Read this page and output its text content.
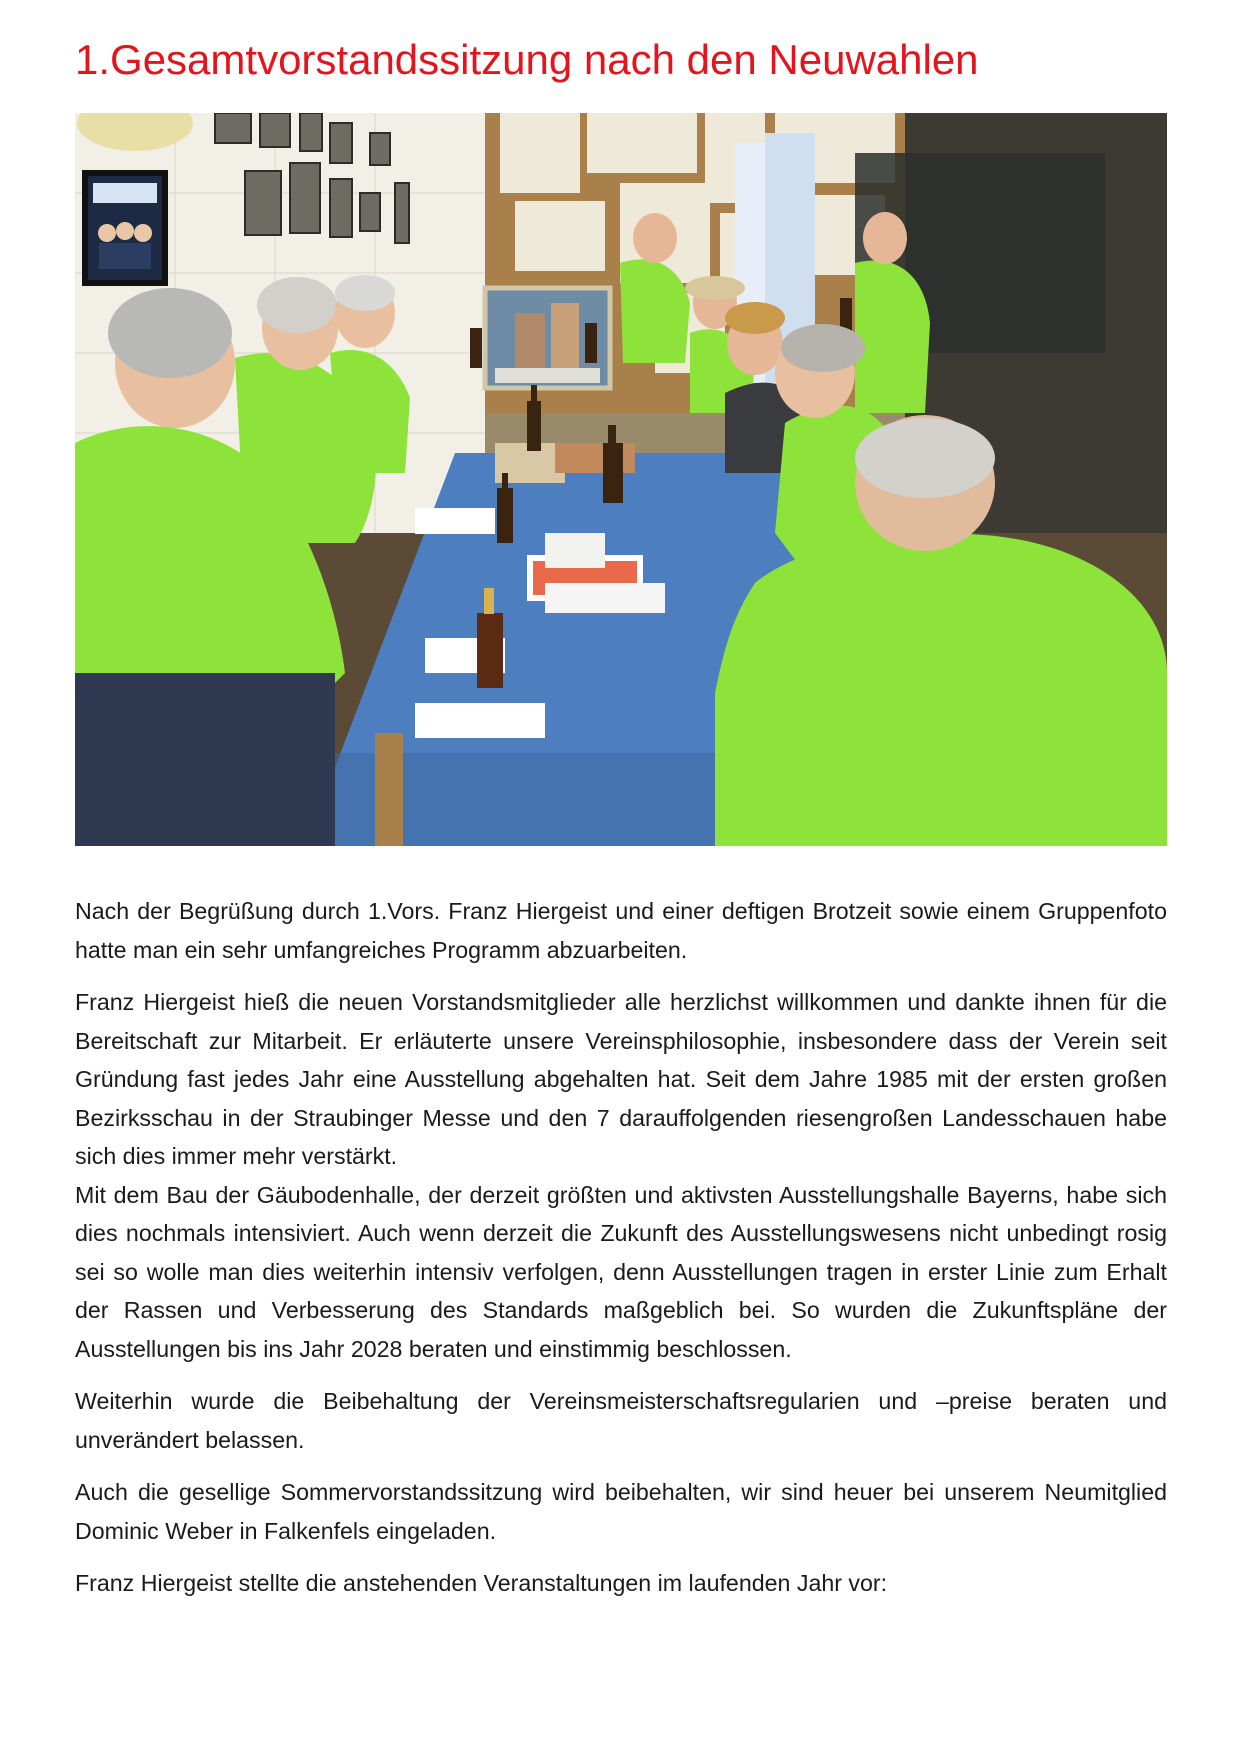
1.Gesamtvorstandssitzung nach den Neuwahlen

Nach der Begrüßung durch 1.Vors. Franz Hiergeist und einer deftigen Brotzeit sowie einem Gruppenfoto hatte man ein sehr umfangreiches Programm abzuarbeiten.

Franz Hiergeist hieß die neuen Vorstandsmitglieder alle herzlichst willkommen und dankte ihnen für die Bereitschaft zur Mitarbeit. Er erläuterte unsere Vereinsphilosophie, insbesondere dass der Verein seit Gründung fast jedes Jahr eine Ausstellung abgehalten hat. Seit dem Jahre 1985 mit der ersten großen Bezirksschau in der Straubinger Messe und den 7 darauffolgenden riesengroßen Landesschauen habe sich dies immer mehr verstärkt.

Mit dem Bau der Gäubodenhalle, der derzeit größten und aktivsten Ausstellungshalle Bayerns, habe sich dies nochmals intensiviert. Auch wenn derzeit die Zukunft des Ausstellungswesens nicht unbedingt rosig sei so wolle man dies weiterhin intensiv verfolgen, denn Ausstellungen tragen in erster Linie zum Erhalt der Rassen und Verbesserung des Standards maßgeblich bei. So wurden die Zukunftspläne der Ausstellungen bis ins Jahr 2028 beraten und einstimmig beschlossen.

Weiterhin wurde die Beibehaltung der Vereinsmeisterschaftsregularien und –preise beraten und unverändert belassen.

Auch die gesellige Sommervorstandssitzung wird beibehalten, wir sind heuer bei unserem Neumitglied Dominic Weber in Falkenfels eingeladen.

Franz Hiergeist stellte die anstehenden Veranstaltungen im laufenden Jahr vor:
